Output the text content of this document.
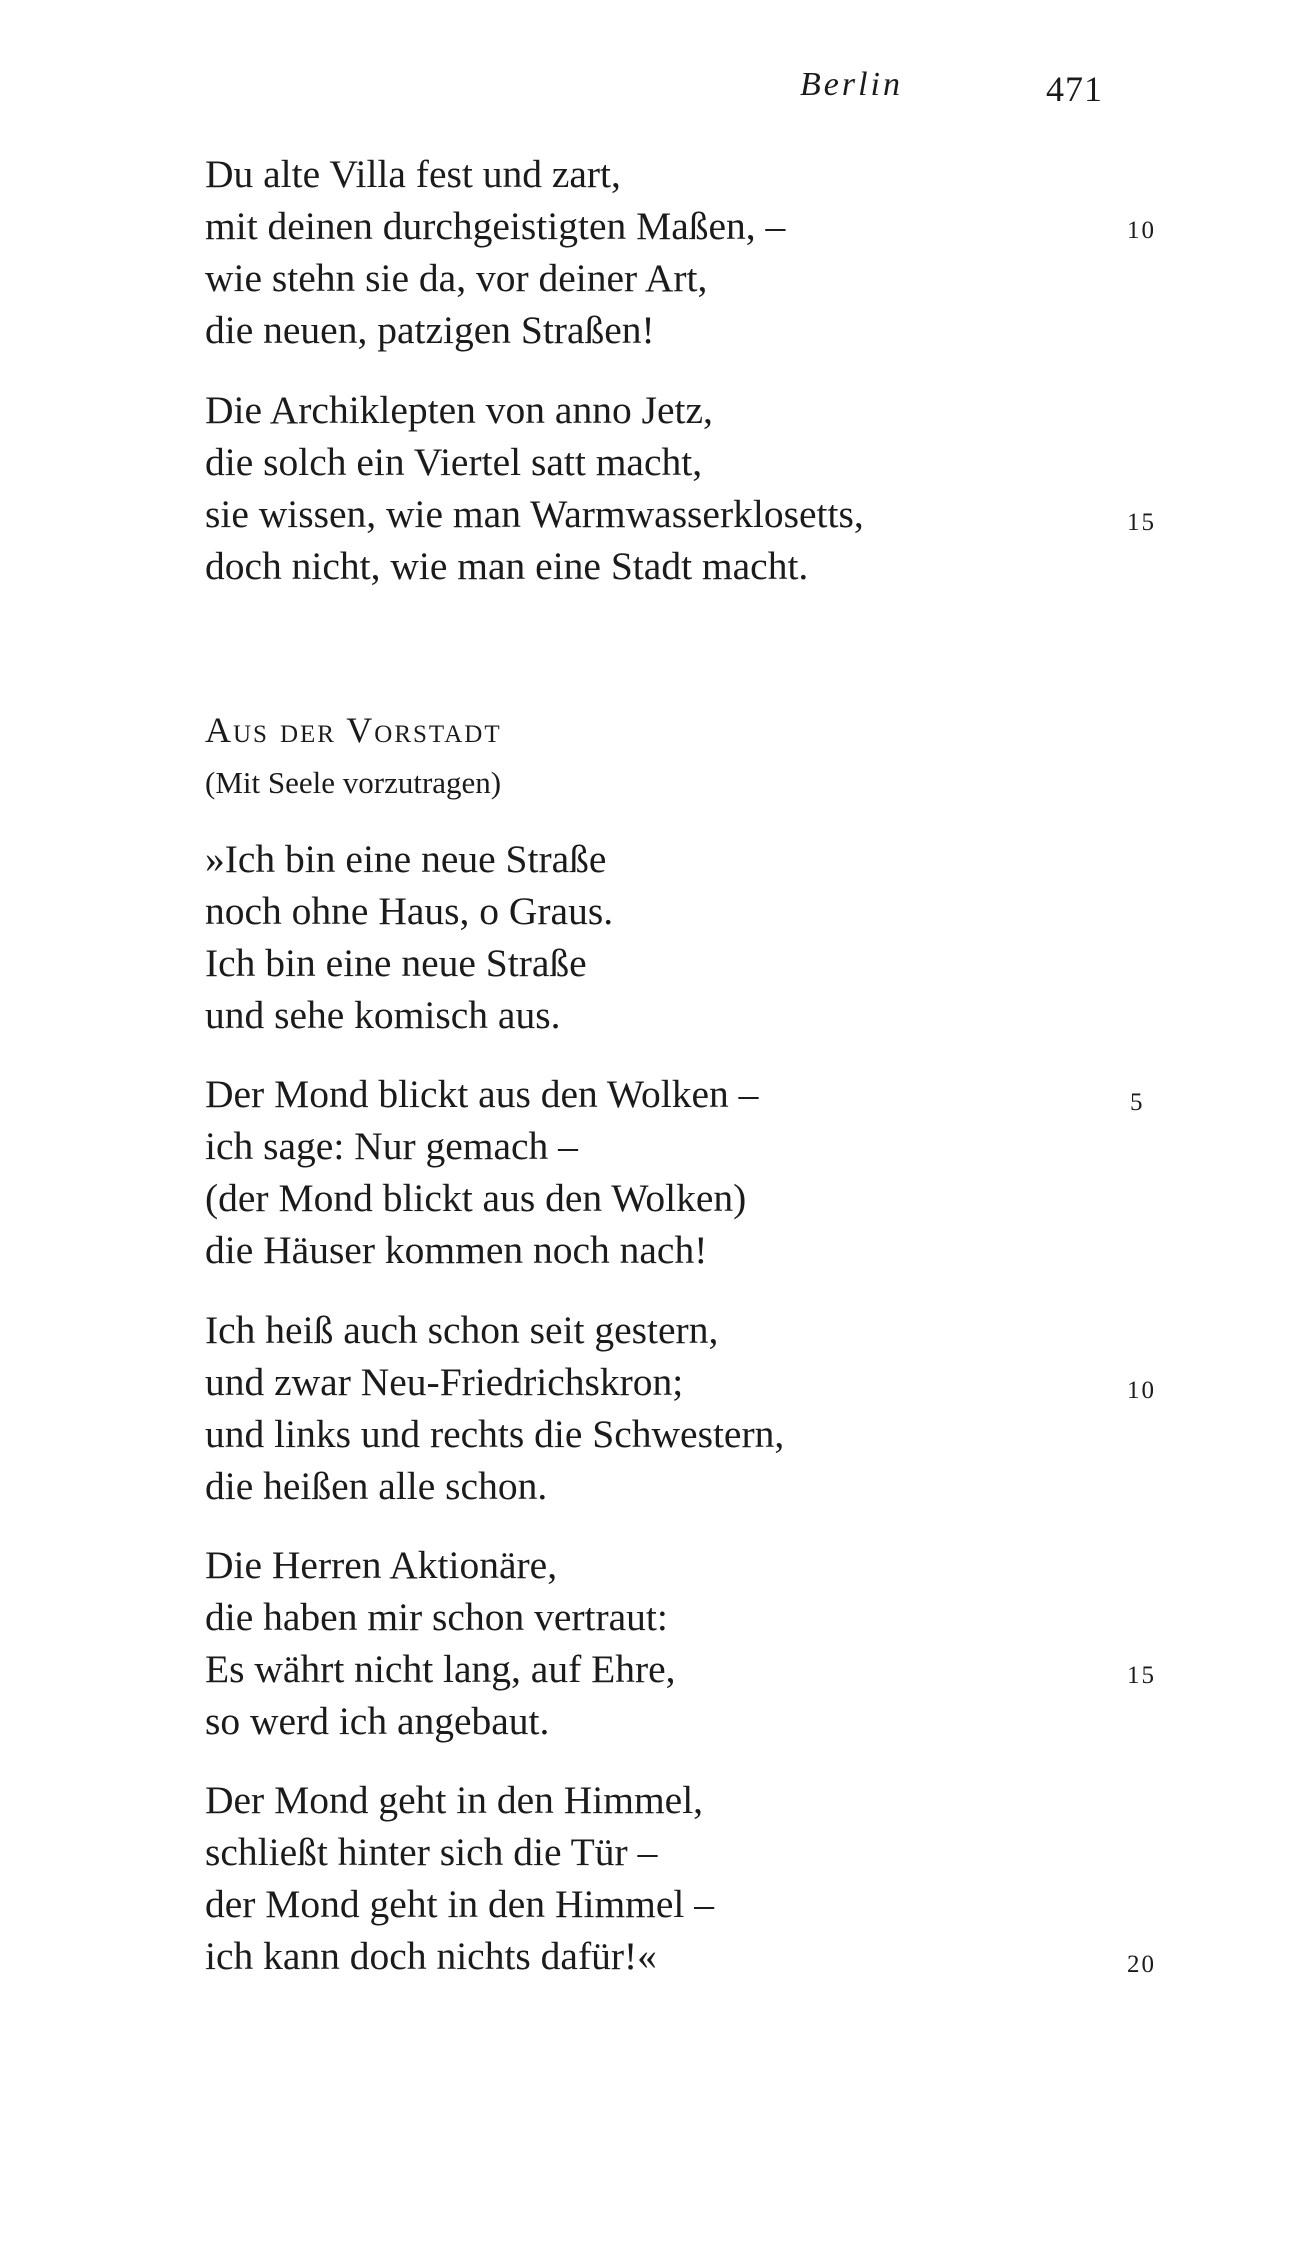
Berlin	471
Du alte Villa fest und zart,
mit deinen durchgeistigten Maßen, –
wie stehn sie da, vor deiner Art,
die neuen, patzigen Straßen!
Die Archiklepten von anno Jetz,
die solch ein Viertel satt macht,
sie wissen, wie man Warmwasserklosetts,
doch nicht, wie man eine Stadt macht.
Aus der Vorstadt
(Mit Seele vorzutragen)
»Ich bin eine neue Straße
noch ohne Haus, o Graus.
Ich bin eine neue Straße
und sehe komisch aus.
Der Mond blickt aus den Wolken –
ich sage: Nur gemach –
(der Mond blickt aus den Wolken)
die Häuser kommen noch nach!
Ich heiß auch schon seit gestern,
und zwar Neu-Friedrichskron;
und links und rechts die Schwestern,
die heißen alle schon.
Die Herren Aktionäre,
die haben mir schon vertraut:
Es währt nicht lang, auf Ehre,
so werd ich angebaut.
Der Mond geht in den Himmel,
schließt hinter sich die Tür –
der Mond geht in den Himmel –
ich kann doch nichts dafür!«
10
15
5
10
15
20
